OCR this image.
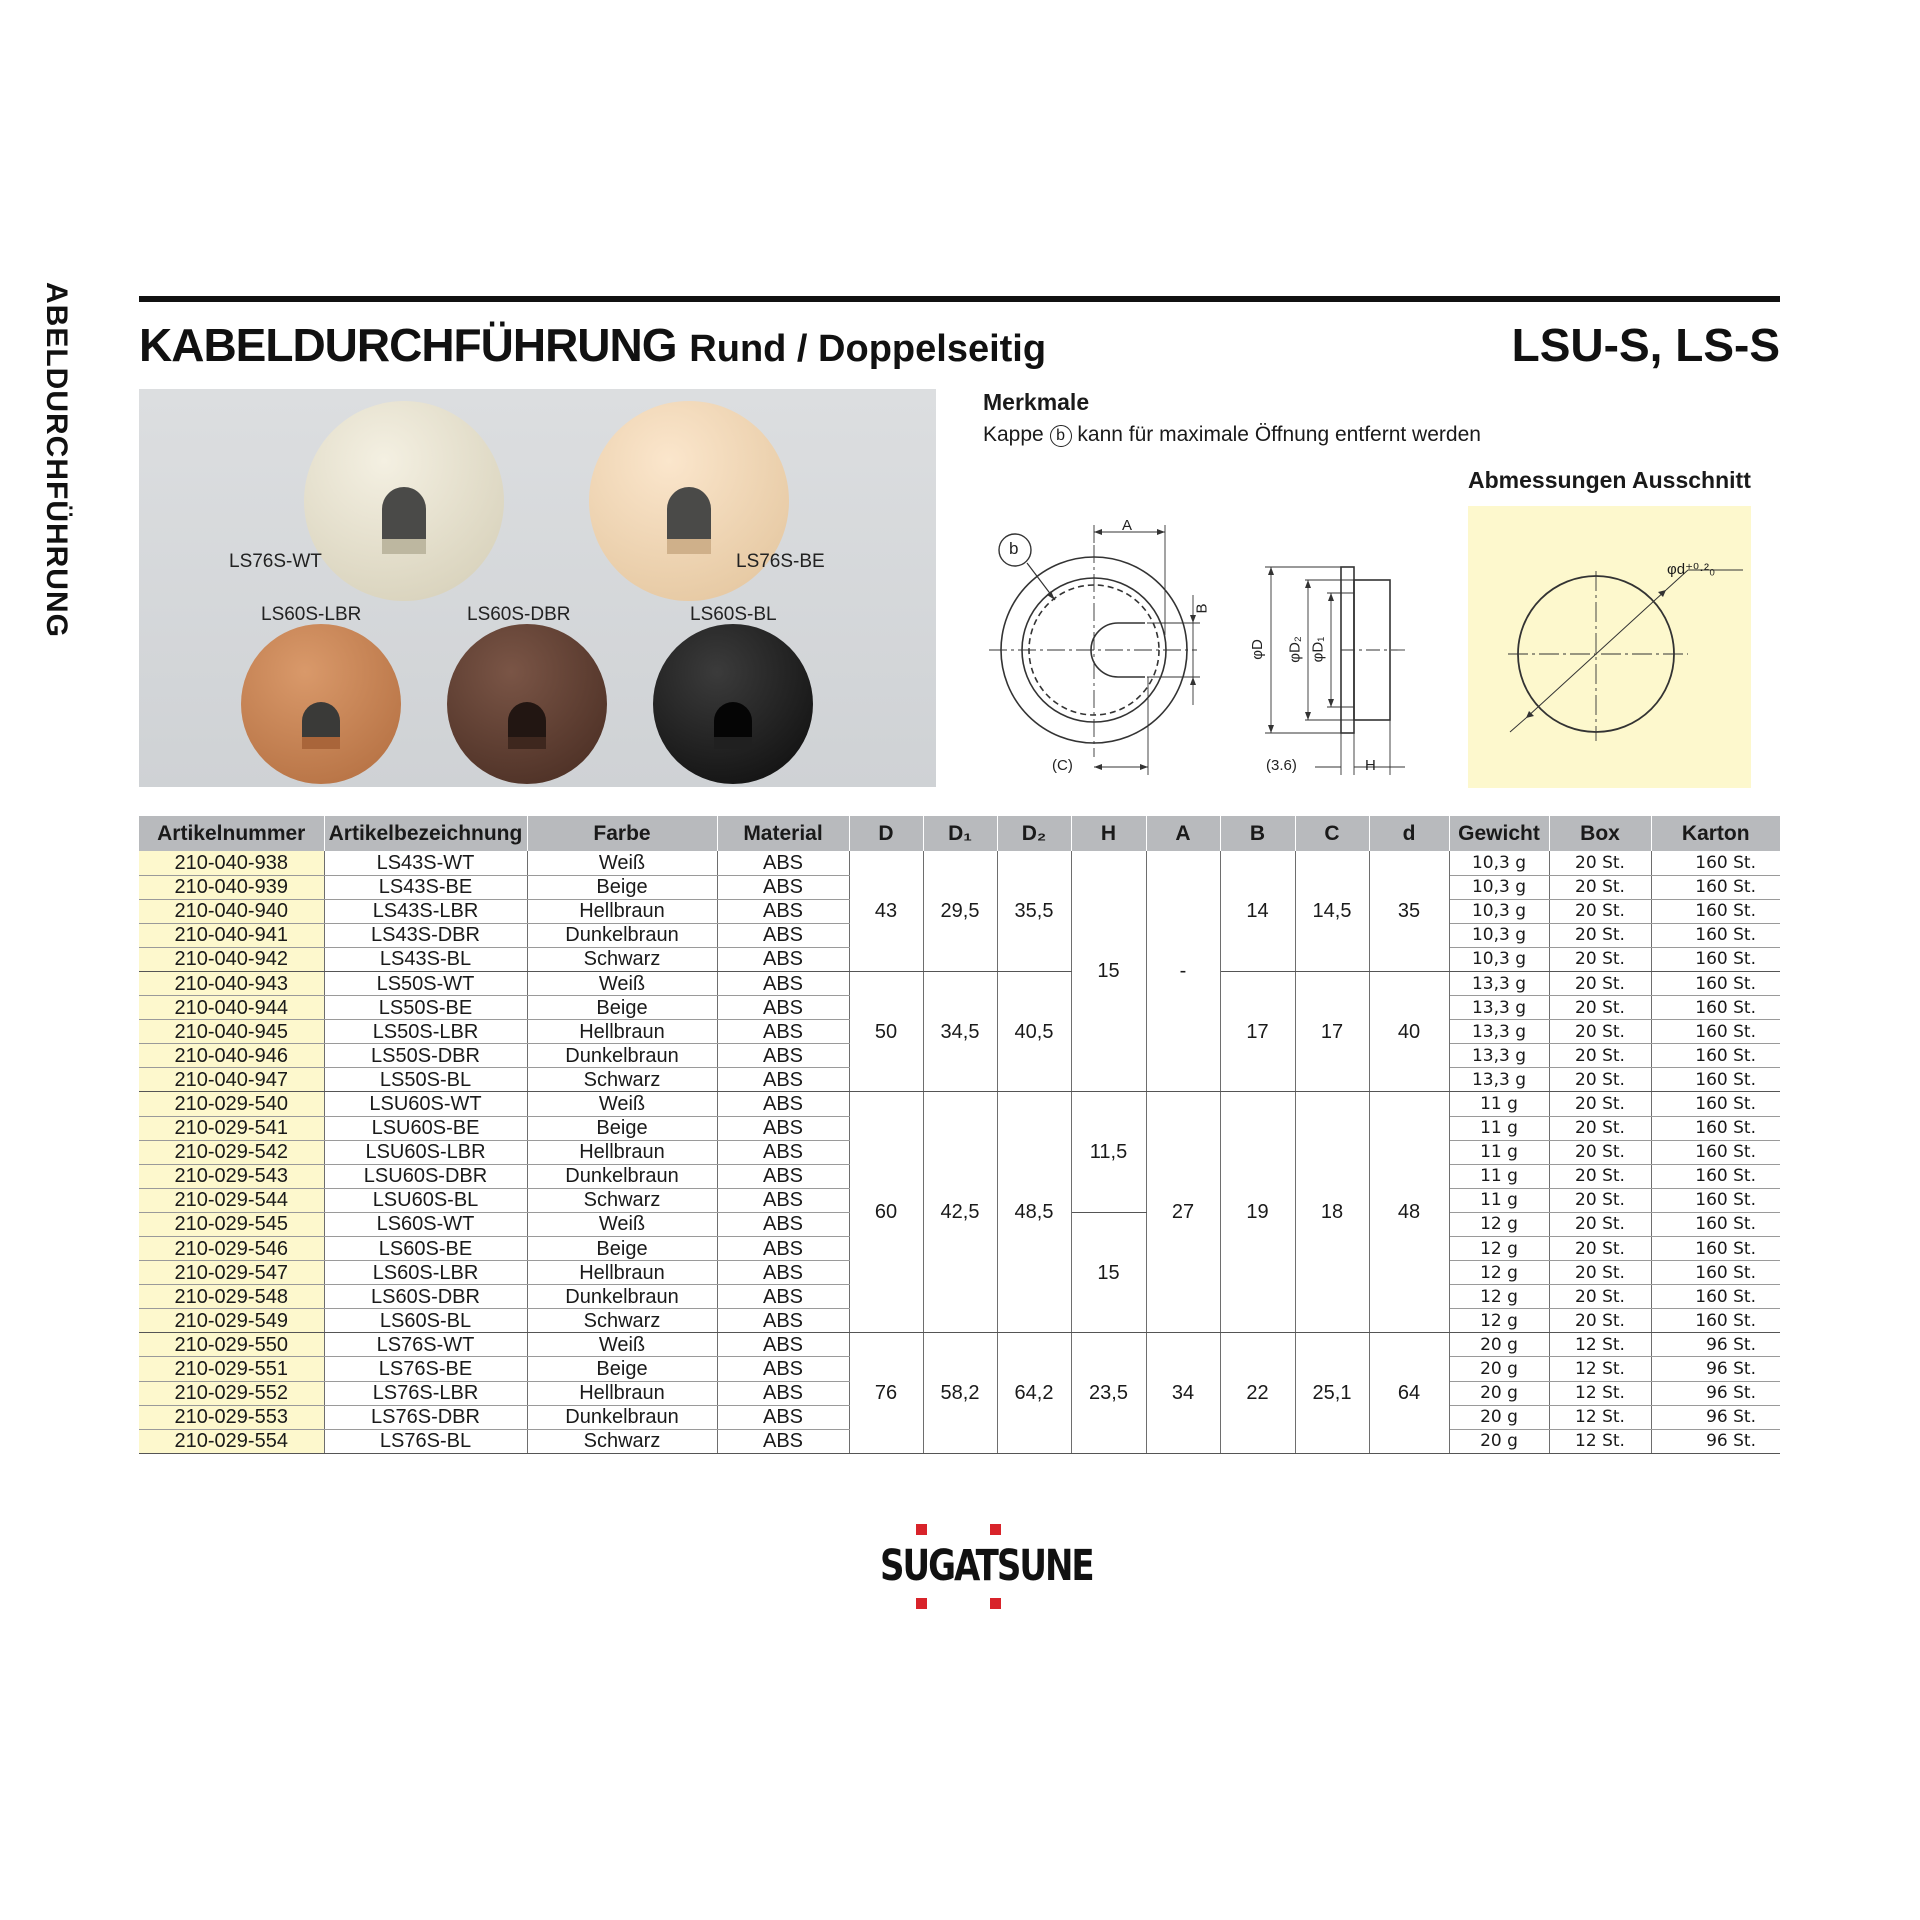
ABELDURCHFÜHRUNG KABELDURCHFÜHRUNG Rund / Doppelseitig	LSU-S, LS-S
LS76S-WT	LS76S-BE
LS60S-LBR	LS60S-DBR	LS60S-BL
Merkmale
Kappe b kann für maximale Öffnung entfernt werden
b
A
B
(C)
φD φD₂ φD₁
(3.6)	H
Abmessungen Ausschnitt
φd⁺⁰·²₀
Artikelnummer	Artikelbezeichnung	Farbe	Material	D	D₁	D₂	H	A	B	C	d	Gewicht	Box	Karton
210-040-938	LS43S-WT	Weiß	ABS	43	29,5	35,5	15	-	14	14,5	35	10,3 g	20 St.	160 St.
210-040-939	LS43S-BE	Beige	ABS									10,3 g	20 St.	160 St.
210-040-940	LS43S-LBR	Hellbraun	ABS									10,3 g	20 St.	160 St.
210-040-941	LS43S-DBR	Dunkelbraun	ABS									10,3 g	20 St.	160 St.
210-040-942	LS43S-BL	Schwarz	ABS									10,3 g	20 St.	160 St.
210-040-943	LS50S-WT	Weiß	ABS	50	34,5	40,5			17	17	40	13,3 g	20 St.	160 St.
210-040-944	LS50S-BE	Beige	ABS									13,3 g	20 St.	160 St.
210-040-945	LS50S-LBR	Hellbraun	ABS									13,3 g	20 St.	160 St.
210-040-946	LS50S-DBR	Dunkelbraun	ABS									13,3 g	20 St.	160 St.
210-040-947	LS50S-BL	Schwarz	ABS									13,3 g	20 St.	160 St.
210-029-540	LSU60S-WT	Weiß	ABS	60	42,5	48,5	11,5	27	19	18	48	11 g	20 St.	160 St.
210-029-541	LSU60S-BE	Beige	ABS									11 g	20 St.	160 St.
210-029-542	LSU60S-LBR	Hellbraun	ABS									11 g	20 St.	160 St.
210-029-543	LSU60S-DBR	Dunkelbraun	ABS									11 g	20 St.	160 St.
210-029-544	LSU60S-BL	Schwarz	ABS									11 g	20 St.	160 St.
210-029-545	LS60S-WT	Weiß	ABS				15					12 g	20 St.	160 St.
210-029-546	LS60S-BE	Beige	ABS									12 g	20 St.	160 St.
210-029-547	LS60S-LBR	Hellbraun	ABS									12 g	20 St.	160 St.
210-029-548	LS60S-DBR	Dunkelbraun	ABS									12 g	20 St.	160 St.
210-029-549	LS60S-BL	Schwarz	ABS									12 g	20 St.	160 St.
210-029-550	LS76S-WT	Weiß	ABS	76	58,2	64,2	23,5	34	22	25,1	64	20 g	12 St.	96 St.
210-029-551	LS76S-BE	Beige	ABS									20 g	12 St.	96 St.
210-029-552	LS76S-LBR	Hellbraun	ABS									20 g	12 St.	96 St.
210-029-553	LS76S-DBR	Dunkelbraun	ABS									20 g	12 St.	96 St.
210-029-554	LS76S-BL	Schwarz	ABS									20 g	12 St.	96 St.
SUGATSUNE
